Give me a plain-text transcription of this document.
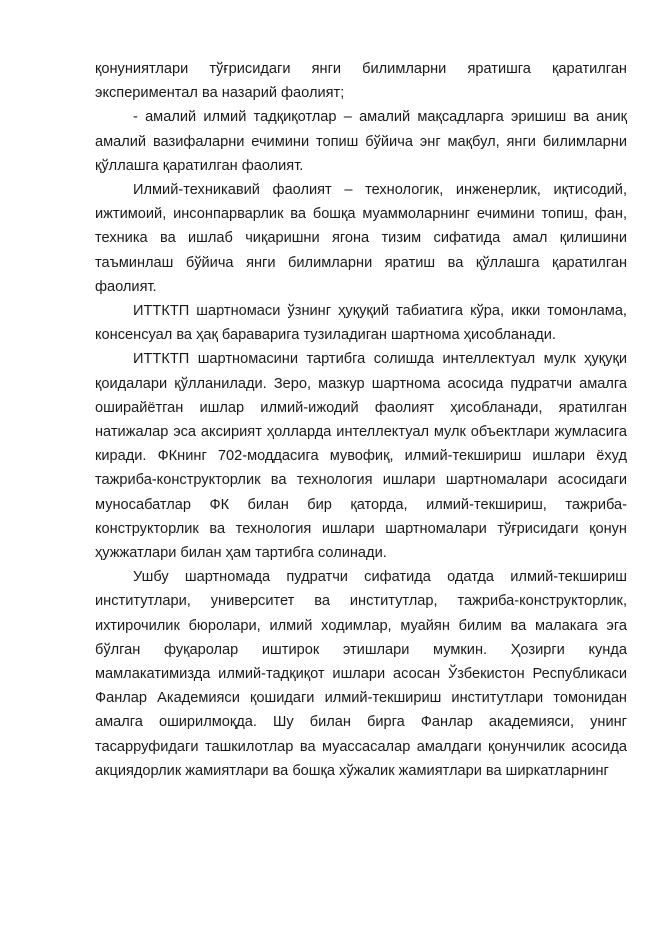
қонуниятлари тўғрисидаги янги билимларни яратишга қаратилган экспериментал ва назарий фаолият;

- амалий илмий тадқиқотлар – амалий мақсадларга эришиш ва аниқ амалий вазифаларни ечимини топиш бўйича энг мақбул, янги билимларни қўллашга қаратилган фаолият.

Илмий-техникавий фаолият – технологик, инженерлик, иқтисодий, ижтимоий, инсонпарварлик ва бошқа муаммоларнинг ечимини топиш, фан, техника ва ишлаб чиқаришни ягона тизим сифатида амал қилишини таъминлаш бўйича янги билимларни яратиш ва қўллашга қаратилган фаолият.

ИТТКТП шартномаси ўзнинг ҳуқуқий табиатига кўра, икки томонлама, консенсуал ва ҳақ бараварига тузиладиган шартнома ҳисобланади.

ИТТКТП шартномасини тартибга солишда интеллектуал мулк ҳуқуқи қоидалари қўлланилади. Зеро, мазкур шартнома асосида пудратчи амалга оширайётган ишлар илмий-ижодий фаолият ҳисобланади, яратилган натижалар эса аксирият ҳолларда интеллектуал мулк объектлари жумласига киради. ФКнинг 702-моддасига мувофиқ, илмий-текшириш ишлари ёхуд тажриба-конструкторлик ва технология ишлари шартномалари асосидаги муносабатлар ФК билан бир қаторда, илмий-текшириш, тажриба-конструкторлик ва технология ишлари шартномалари тўғрисидаги қонун ҳужжатлари билан ҳам тартибга солинади.

Ушбу шартномада пудратчи сифатида одатда илмий-текшириш институтлари, университет ва институтлар, тажриба-конструкторлик, ихтирочилик бюролари, илмий ходимлар, муайян билим ва малакага эга бўлган фуқаролар иштирок этишлари мумкин. Ҳозирги кунда мамлакатимизда илмий-тадқиқот ишлари асосан Ўзбекистон Республикаси Фанлар Академияси қошидаги илмий-текшириш институтлари томонидан амалга оширилмоқда. Шу билан бирга Фанлар академияси, унинг тасарруфидаги ташкилотлар ва муассасалар амалдаги қонунчилик асосида акциядорлик жамиятлари ва бошқа хўжалик жамиятлари ва ширкатларнинг
